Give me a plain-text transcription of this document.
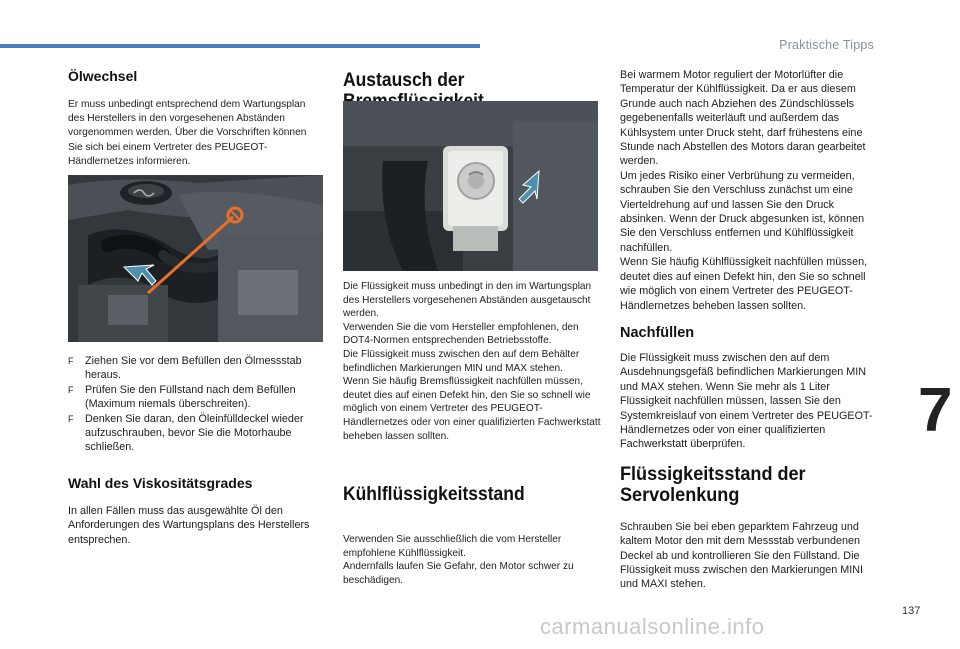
Praktische Tipps
7
137
Ölwechsel

Er muss unbedingt entsprechend dem Wartungsplan des Herstellers in den vorgesehenen Abständen vorgenommen werden. Über die Vorschriften können Sie sich bei einem Vertreter des PEUGEOT-Händlernetzes informieren.

F Ziehen Sie vor dem Befüllen den Ölmessstab heraus.
F Prüfen Sie den Füllstand nach dem Befüllen (Maximum niemals überschreiten).
F Denken Sie daran, den Öleinfülldeckel wieder aufzuschrauben, bevor Sie die Motorhaube schließen.
Wahl des Viskositätsgrades

In allen Fällen muss das ausgewählte Öl den Anforderungen des Wartungsplans des Herstellers entsprechen.

Austausch der

Die Flüssigkeit muss unbedingt in den im Wartungsplan des Herstellers vorgesehenen Abständen ausgetauscht werden.
Verwenden Sie die vom Hersteller empfohlenen, den DOT4-Normen entsprechenden Betriebsstoffe.
Die Flüssigkeit muss zwischen den auf dem Behälter befindlichen Markierungen MIN und MAX stehen.
Wenn Sie häufig Bremsflüssigkeit nachfüllen müssen, deutet dies auf einen Defekt hin, den Sie so schnell wie möglich von einem Vertreter des PEUGEOT-Händlernetzes oder von einer qualifizierten Fachwerkstatt beheben lassen sollten.

Kühlflüssigkeitsstand

Verwenden Sie ausschließlich die vom Hersteller empfohlene Kühlflüssigkeit.
Andernfalls laufen Sie Gefahr, den Motor schwer zu beschädigen.

Bei warmem Motor reguliert der Motorlüfter die Temperatur der Kühlflüssigkeit. Da er aus diesem Grunde auch nach Abziehen des Zündschlüssels gegebenenfalls weiterläuft und außerdem das Kühlsystem unter Druck steht, darf frühestens eine Stunde nach Abstellen des Motors daran gearbeitet werden.
Um jedes Risiko einer Verbrühung zu vermeiden, schrauben Sie den Verschluss zunächst um eine Vierteldrehung auf und lassen Sie den Druck absinken. Wenn der Druck abgesunken ist, können Sie den Verschluss entfernen und Kühlflüssigkeit nachfüllen.
Wenn Sie häufig Kühlflüssigkeit nachfüllen müssen, deutet dies auf einen Defekt hin, den Sie so schnell wie möglich von einem Vertreter des PEUGEOT-Händlernetzes beheben lassen sollten.

Nachfüllen

Die Flüssigkeit muss zwischen den auf dem Ausdehnungsgefäß befindlichen Markierungen MIN und MAX stehen. Wenn Sie mehr als 1 Liter Flüssigkeit nachfüllen müssen, lassen Sie den Systemkreislauf von einem Vertreter des PEUGEOT-Händlernetzes oder von einer qualifizierten Fachwerkstatt überprüfen.

Flüssigkeitsstand der
Servolenkung

Schrauben Sie bei eben geparktem Fahrzeug und kaltem Motor den mit dem Messstab verbundenen Deckel ab und kontrollieren Sie den Füllstand. Die Flüssigkeit muss zwischen den Markierungen MINI und MAXI stehen.

carmanualsonline.info
